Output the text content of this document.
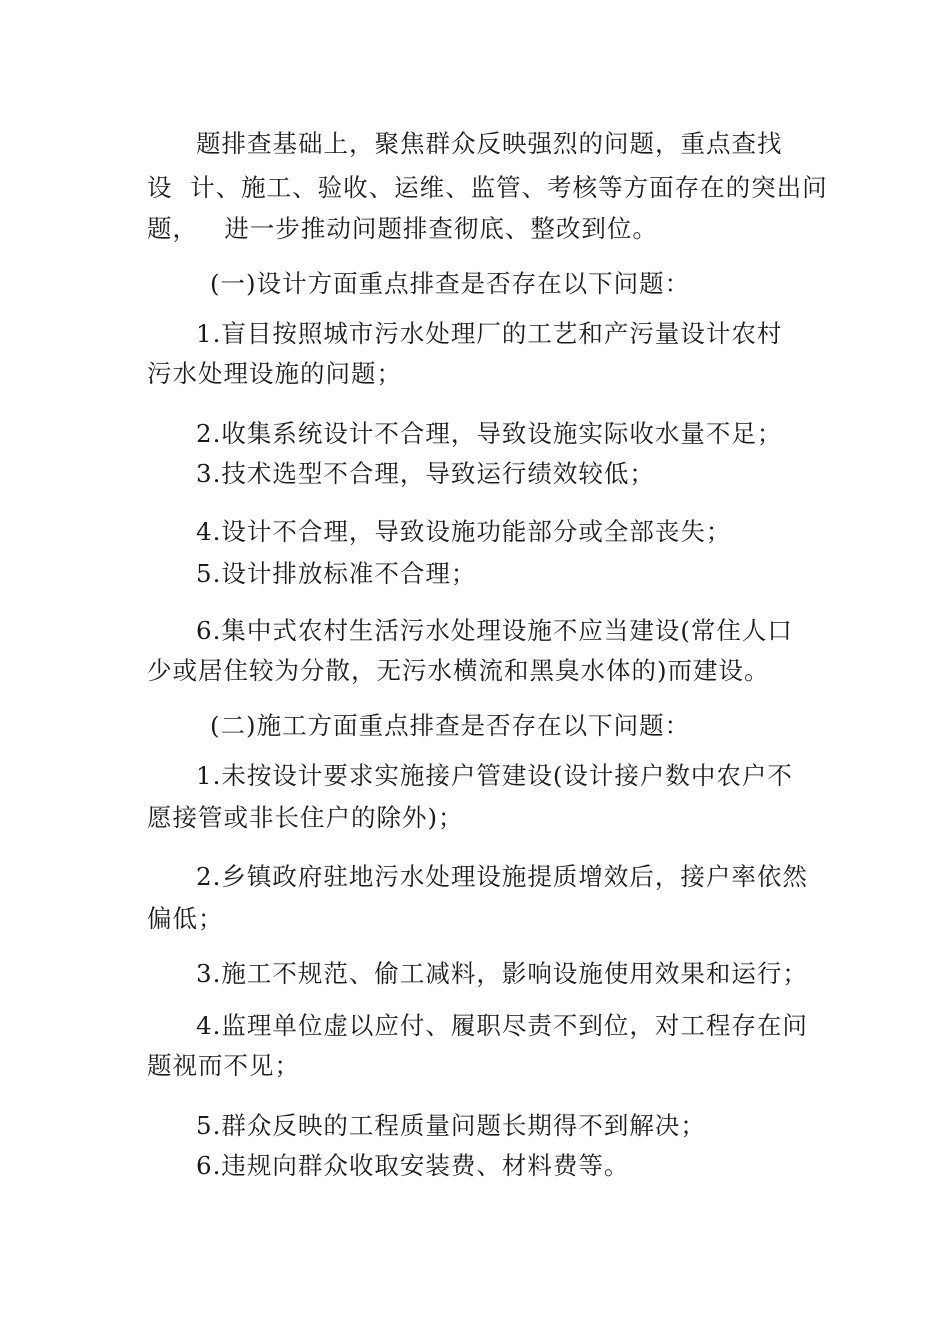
题排查基础上，聚焦群众反映强烈的问题，重点查找
设  计、施工、验收、运维、监管、考核等方面存在的突出问
题，   进一步推动问题排查彻底、整改到位。
(一)设计方面重点排查是否存在以下问题：
1.盲目按照城市污水处理厂的工艺和产污量设计农村
污水处理设施的问题；
2.收集系统设计不合理，导致设施实际收水量不足；
3.技术选型不合理，导致运行绩效较低；
4.设计不合理，导致设施功能部分或全部丧失；
5.设计排放标准不合理；
6.集中式农村生活污水处理设施不应当建设(常住人口
少或居住较为分散，无污水横流和黑臭水体的)而建设。
(二)施工方面重点排查是否存在以下问题：
1.未按设计要求实施接户管建设(设计接户数中农户不
愿接管或非长住户的除外)；
2.乡镇政府驻地污水处理设施提质增效后，接户率依然
偏低；
3.施工不规范、偷工减料，影响设施使用效果和运行；
4.监理单位虚以应付、履职尽责不到位，对工程存在问
题视而不见；
5.群众反映的工程质量问题长期得不到解决；
6.违规向群众收取安装费、材料费等。
